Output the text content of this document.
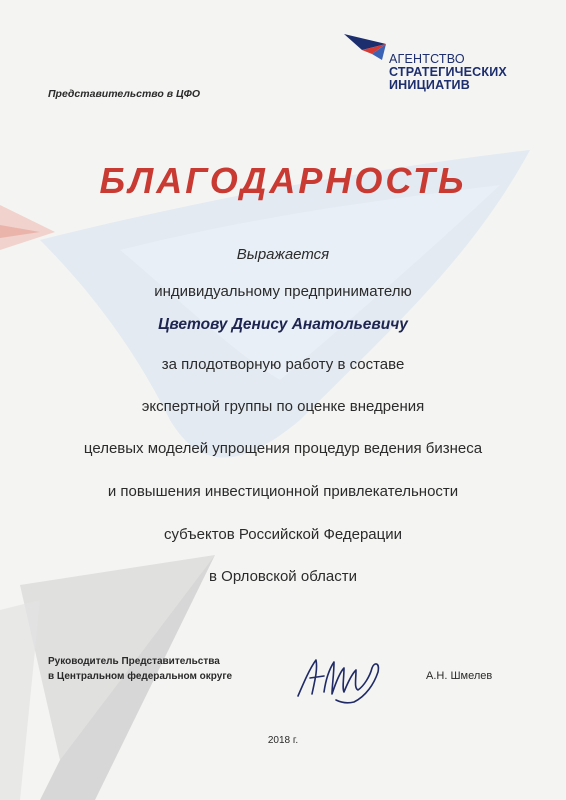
Представительство в ЦФО
АГЕНТСТВО
СТРАТЕГИЧЕСКИХ
ИНИЦИАТИВ
БЛАГОДАРНОСТЬ
Выражается
индивидуальному предпринимателю
Цветову Денису Анатольевичу
за плодотворную работу в составе
экспертной группы по оценке внедрения
целевых моделей упрощения процедур ведения бизнеса
и повышения инвестиционной привлекательности
субъектов Российской Федерации
в Орловской области
Руководитель Представительства
в Центральном федеральном округе	А.Н. Шмелев
2018 г.
